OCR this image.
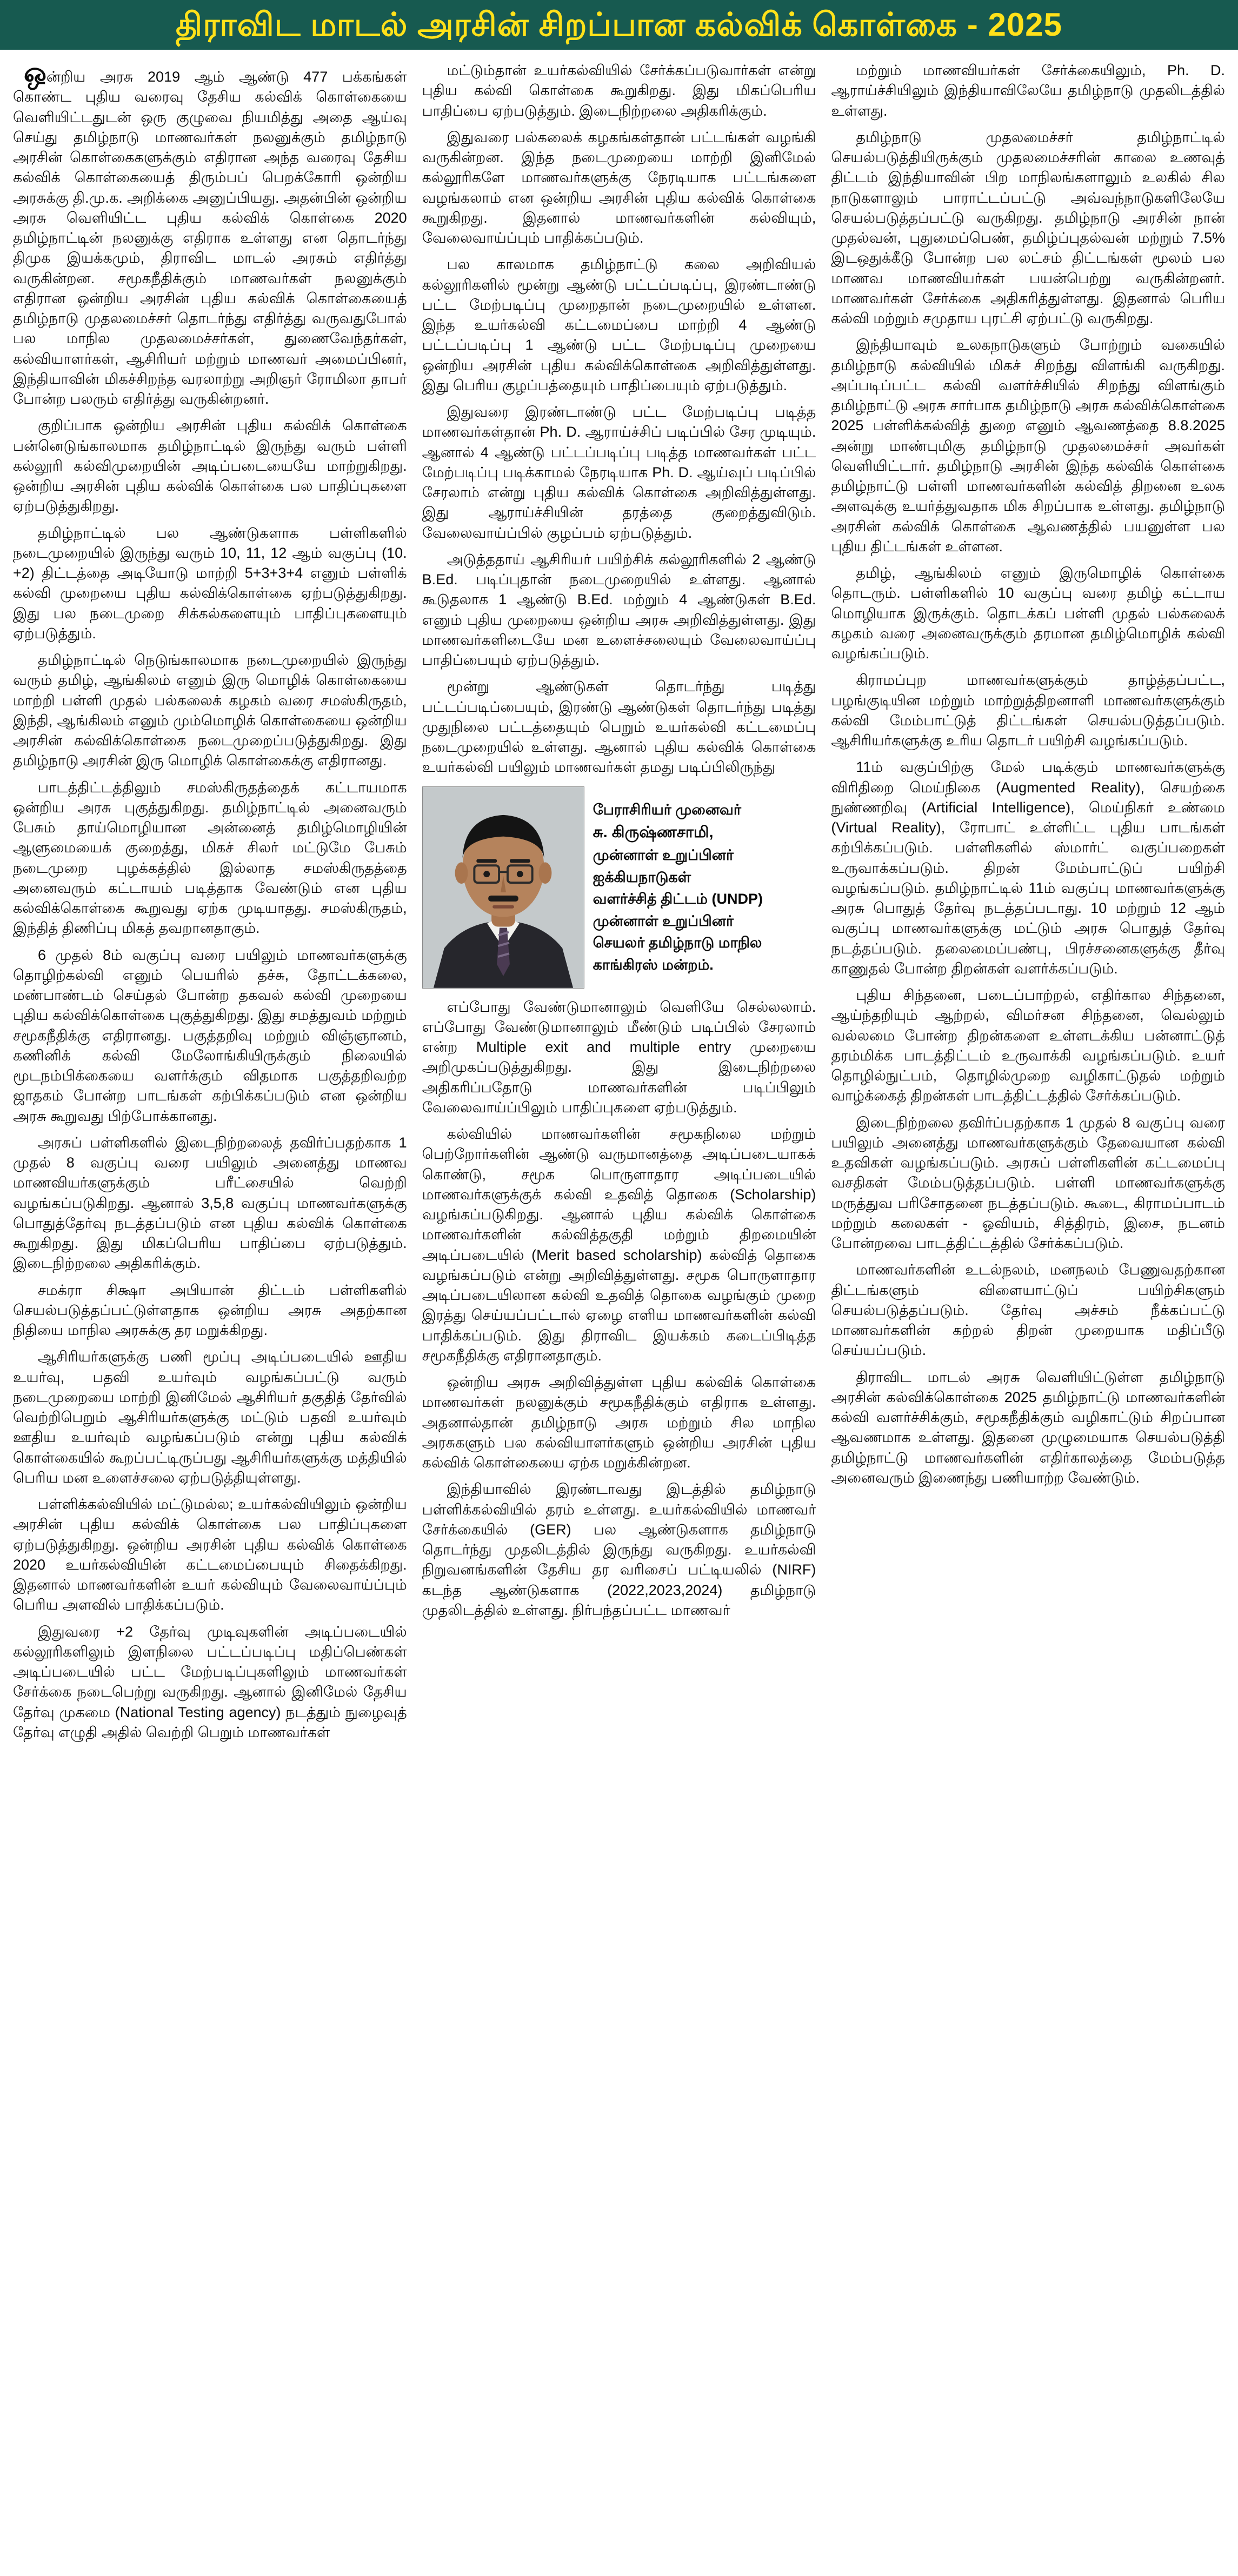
திராவிட மாடல் அரசின் சிறப்பான கல்விக் கொள்கை - 2025

ஒன்றிய அரசு 2019 ஆம் ஆண்டு 477 பக்கங்கள் கொண்ட புதிய வரைவு தேசிய கல்விக் கொள்கையை வெளியிட்டதுடன் ஒரு குழுவை நியமித்து அதை ஆய்வு செய்து தமிழ்நாடு மாணவர்கள் நலனுக்கும் தமிழ்நாடு அரசின் கொள்கைகளுக்கும் எதிரான அந்த வரைவு தேசிய கல்விக் கொள்கையைத் திரும்பப் பெறக்கோரி ஒன்றிய அரசுக்கு தி.மு.க. அறிக்கை அனுப்பியது. அதன்பின் ஒன்றிய அரசு வெளியிட்ட புதிய கல்விக் கொள்கை 2020 தமிழ்நாட்டின் நலனுக்கு எதிராக உள்ளது என தொடர்ந்து திமுக இயக்கமும், திராவிட மாடல் அரசும் எதிர்த்து வருகின்றன. சமூகநீதிக்கும் மாணவர்கள் நலனுக்கும் எதிரான ஒன்றிய அரசின் புதிய கல்விக் கொள்கையைத் தமிழ்நாடு முதலமைச்சர் தொடர்ந்து எதிர்த்து வருவதுபோல் பல மாநில முதலமைச்சர்கள், துணைவேந்தர்கள், கல்வியாளர்கள், ஆசிரியர் மற்றும் மாணவர் அமைப்பினர், இந்தியாவின் மிகச்சிறந்த வரலாற்று அறிஞர் ரோமிலா தாபர் போன்ற பலரும் எதிர்த்து வருகின்றனர்.

குறிப்பாக ஒன்றிய அரசின் புதிய கல்விக் கொள்கை பன்னெடுங்காலமாக தமிழ்நாட்டில் இருந்து வரும் பள்ளி கல்லூரி கல்விமுறையின் அடிப்படையையே மாற்றுகிறது. ஒன்றிய அரசின் புதிய கல்விக் கொள்கை பல பாதிப்புகளை ஏற்படுத்துகிறது.

தமிழ்நாட்டில் பல ஆண்டுகளாக பள்ளிகளில் நடைமுறையில் இருந்து வரும் 10, 11, 12 ஆம் வகுப்பு (10. +2) திட்டத்தை அடியோடு மாற்றி 5+3+3+4 எனும் பள்ளிக் கல்வி முறையை புதிய கல்விக்கொள்கை ஏற்படுத்துகிறது. இது பல நடைமுறை சிக்கல்களையும் பாதிப்புகளையும் ஏற்படுத்தும்.

தமிழ்நாட்டில் நெடுங்காலமாக நடைமுறையில் இருந்து வரும் தமிழ், ஆங்கிலம் எனும் இரு மொழிக் கொள்கையை மாற்றி பள்ளி முதல் பல்கலைக் கழகம் வரை சமஸ்கிருதம், இந்தி, ஆங்கிலம் எனும் மும்மொழிக் கொள்கையை ஒன்றிய அரசின் கல்விக்கொள்கை நடைமுறைப்படுத்துகிறது. இது தமிழ்நாடு அரசின் இரு மொழிக் கொள்கைக்கு எதிரானது.

பாடத்திட்டத்திலும் சமஸ்கிருதத்தைக் கட்டாயமாக ஒன்றிய அரசு புகுத்துகிறது. தமிழ்நாட்டில் அனைவரும் பேசும் தாய்மொழியான அன்னைத் தமிழ்மொழியின் ஆளுமையைக் குறைத்து, மிகச் சிலர் மட்டுமே பேசும் நடைமுறை புழக்கத்தில் இல்லாத சமஸ்கிருதத்தை அனைவரும் கட்டாயம் படித்தாக வேண்டும் என புதிய கல்விக்கொள்கை கூறுவது ஏற்க முடியாதது. சமஸ்கிருதம், இந்தித் திணிப்பு மிகத் தவறானதாகும்.

6 முதல் 8ம் வகுப்பு வரை பயிலும் மாணவர்களுக்கு தொழிற்கல்வி எனும் பெயரில் தச்சு, தோட்டக்கலை, மண்பாண்டம் செய்தல் போன்ற தகவல் கல்வி முறையை புதிய கல்விக்கொள்கை புகுத்துகிறது. இது சமத்துவம் மற்றும் சமூகநீதிக்கு எதிரானது. பகுத்தறிவு மற்றும் விஞ்ஞானம், கணினிக் கல்வி மேலோங்கியிருக்கும் நிலையில் மூடநம்பிக்கையை வளர்க்கும் விதமாக பகுத்தறிவற்ற ஜாதகம் போன்ற பாடங்கள் கற்பிக்கப்படும் என ஒன்றிய அரசு கூறுவது பிற்போக்கானது.

அரசுப் பள்ளிகளில் இடைநிற்றலைத் தவிர்ப்பதற்காக 1 முதல் 8 வகுப்பு வரை பயிலும் அனைத்து மாணவ மாணவியர்களுக்கும் பரீட்சையில் வெற்றி வழங்கப்படுகிறது. ஆனால் 3,5,8 வகுப்பு மாணவர்களுக்கு பொதுத்தேர்வு நடத்தப்படும் என புதிய கல்விக் கொள்கை கூறுகிறது. இது மிகப்பெரிய பாதிப்பை ஏற்படுத்தும். இடைநிற்றலை அதிகரிக்கும்.

சமக்ரா சிக்ஷா அபியான் திட்டம் பள்ளிகளில் செயல்படுத்தப்பட்டுள்ளதாக ஒன்றிய அரசு அதற்கான நிதியை மாநில அரசுக்கு தர மறுக்கிறது.

ஆசிரியர்களுக்கு பணி மூப்பு அடிப்படையில் ஊதிய உயர்வு, பதவி உயர்வும் வழங்கப்பட்டு வரும் நடைமுறையை மாற்றி இனிமேல் ஆசிரியர் தகுதித் தேர்வில் வெற்றிபெறும் ஆசிரியர்களுக்கு மட்டும் பதவி உயர்வும் ஊதிய உயர்வும் வழங்கப்படும் என்று புதிய கல்விக் கொள்கையில் கூறப்பட்டிருப்பது ஆசிரியர்களுக்கு மத்தியில் பெரிய மன உளைச்சலை ஏற்படுத்தியுள்ளது.

பள்ளிக்கல்வியில் மட்டுமல்ல; உயர்கல்வியிலும் ஒன்றிய அரசின் புதிய கல்விக் கொள்கை பல பாதிப்புகளை ஏற்படுத்துகிறது. ஒன்றிய அரசின் புதிய கல்விக் கொள்கை 2020 உயர்கல்வியின் கட்டமைப்பையும் சிதைக்கிறது. இதனால் மாணவர்களின் உயர் கல்வியும் வேலைவாய்ப்பும் பெரிய அளவில் பாதிக்கப்படும்.

இதுவரை +2 தேர்வு முடிவுகளின் அடிப்படையில் கல்லூரிகளிலும் இளநிலை பட்டப்படிப்பு மதிப்பெண்கள் அடிப்படையில் பட்ட மேற்படிப்புகளிலும் மாணவர்கள் சேர்க்கை நடைபெற்று வருகிறது. ஆனால் இனிமேல் தேசிய தேர்வு முகமை (National Testing agency) நடத்தும் நுழைவுத் தேர்வு எழுதி அதில் வெற்றி பெறும் மாணவர்கள்

மட்டும்தான் உயர்கல்வியில் சேர்க்கப்படுவார்கள் என்று புதிய கல்வி கொள்கை கூறுகிறது. இது மிகப்பெரிய பாதிப்பை ஏற்படுத்தும். இடைநிற்றலை அதிகரிக்கும்.

இதுவரை பல்கலைக் கழகங்கள்தான் பட்டங்கள் வழங்கி வருகின்றன. இந்த நடைமுறையை மாற்றி இனிமேல் கல்லூரிகளே மாணவர்களுக்கு நேரடியாக பட்டங்களை வழங்கலாம் என ஒன்றிய அரசின் புதிய கல்விக் கொள்கை கூறுகிறது. இதனால் மாணவர்களின் கல்வியும், வேலைவாய்ப்பும் பாதிக்கப்படும்.

பல காலமாக தமிழ்நாட்டு கலை அறிவியல் கல்லூரிகளில் மூன்று ஆண்டு பட்டப்படிப்பு, இரண்டாண்டு பட்ட மேற்படிப்பு முறைதான் நடைமுறையில் உள்ளன. இந்த உயர்கல்வி கட்டமைப்பை மாற்றி 4 ஆண்டு பட்டப்படிப்பு 1 ஆண்டு பட்ட மேற்படிப்பு முறையை ஒன்றிய அரசின் புதிய கல்விக்கொள்கை அறிவித்துள்ளது. இது பெரிய குழப்பத்தையும் பாதிப்பையும் ஏற்படுத்தும்.

இதுவரை இரண்டாண்டு பட்ட மேற்படிப்பு படித்த மாணவர்கள்தான் Ph. D. ஆராய்ச்சிப் படிப்பில் சேர முடியும். ஆனால் 4 ஆண்டு பட்டப்படிப்பு படித்த மாணவர்கள் பட்ட மேற்படிப்பு படிக்காமல் நேரடியாக Ph. D. ஆய்வுப் படிப்பில் சேரலாம் என்று புதிய கல்விக் கொள்கை அறிவித்துள்ளது. இது ஆராய்ச்சியின் தரத்தை குறைத்துவிடும். வேலைவாய்ப்பில் குழப்பம் ஏற்படுத்தும்.

அடுத்ததாய் ஆசிரியர் பயிற்சிக் கல்லூரிகளில் 2 ஆண்டு B.Ed. படிப்புதான் நடைமுறையில் உள்ளது. ஆனால் கூடுதலாக 1 ஆண்டு B.Ed. மற்றும் 4 ஆண்டுகள் B.Ed. எனும் புதிய முறையை ஒன்றிய அரசு அறிவித்துள்ளது. இது மாணவர்களிடையே மன உளைச்சலையும் வேலைவாய்ப்பு பாதிப்பையும் ஏற்படுத்தும்.

மூன்று ஆண்டுகள் தொடர்ந்து படித்து பட்டப்படிப்பையும், இரண்டு ஆண்டுகள் தொடர்ந்து படித்து முதுநிலை பட்டத்தையும் பெறும் உயர்கல்வி கட்டமைப்பு நடைமுறையில் உள்ளது. ஆனால் புதிய கல்விக் கொள்கை உயர்கல்வி பயிலும் மாணவர்கள் தமது படிப்பிலிருந்து

பேராசிரியர் முனைவர்
சு. கிருஷ்ணசாமி,
முன்னாள் உறுப்பினர்
ஐக்கியநாடுகள்
வளர்ச்சித் திட்டம் (UNDP)
முன்னாள் உறுப்பினர்
செயலர் தமிழ்நாடு மாநில
காங்கிரஸ் மன்றம்.

எப்போது வேண்டுமானாலும் வெளியே செல்லலாம். எப்போது வேண்டுமானாலும் மீண்டும் படிப்பில் சேரலாம் என்ற Multiple exit and multiple entry முறையை அறிமுகப்படுத்துகிறது. இது இடைநிற்றலை அதிகரிப்பதோடு மாணவர்களின் படிப்பிலும் வேலைவாய்ப்பிலும் பாதிப்புகளை ஏற்படுத்தும்.

கல்வியில் மாணவர்களின் சமூகநிலை மற்றும் பெற்றோர்களின் ஆண்டு வருமானத்தை அடிப்படையாகக் கொண்டு, சமூக பொருளாதார அடிப்படையில் மாணவர்களுக்குக் கல்வி உதவித் தொகை (Scholarship) வழங்கப்படுகிறது. ஆனால் புதிய கல்விக் கொள்கை மாணவர்களின் கல்வித்தகுதி மற்றும் திறமையின் அடிப்படையில் (Merit based scholarship) கல்வித் தொகை வழங்கப்படும் என்று அறிவித்துள்ளது. சமூக பொருளாதார அடிப்படையிலான கல்வி உதவித் தொகை வழங்கும் முறை இரத்து செய்யப்பட்டால் ஏழை எளிய மாணவர்களின் கல்வி பாதிக்கப்படும். இது திராவிட இயக்கம் கடைப்பிடித்த சமூகநீதிக்கு எதிரானதாகும்.

ஒன்றிய அரசு அறிவித்துள்ள புதிய கல்விக் கொள்கை மாணவர்கள் நலனுக்கும் சமூகநீதிக்கும் எதிராக உள்ளது. அதனால்தான் தமிழ்நாடு அரசு மற்றும் சில மாநில அரசுகளும் பல கல்வியாளர்களும் ஒன்றிய அரசின் புதிய கல்விக் கொள்கையை ஏற்க மறுக்கின்றன.

இந்தியாவில் இரண்டாவது இடத்தில் தமிழ்நாடு பள்ளிக்கல்வியில் தரம் உள்ளது. உயர்கல்வியில் மாணவர் சேர்க்கையில் (GER) பல ஆண்டுகளாக தமிழ்நாடு தொடர்ந்து முதலிடத்தில் இருந்து வருகிறது. உயர்கல்வி நிறுவனங்களின் தேசிய தர வரிசைப் பட்டியலில் (NIRF) கடந்த ஆண்டுகளாக (2022,2023,2024) தமிழ்நாடு முதலிடத்தில் உள்ளது. நிர்பந்தப்பட்ட மாணவர்

மற்றும் மாணவியர்கள் சேர்க்கையிலும், Ph. D. ஆராய்ச்சியிலும் இந்தியாவிலேயே தமிழ்நாடு முதலிடத்தில் உள்ளது.

தமிழ்நாடு முதலமைச்சர் தமிழ்நாட்டில் செயல்படுத்தியிருக்கும் முதலமைச்சரின் காலை உணவுத் திட்டம் இந்தியாவின் பிற மாநிலங்களாலும் உலகில் சில நாடுகளாலும் பாராட்டப்பட்டு அவ்வந்நாடுகளிலேயே செயல்படுத்தப்பட்டு வருகிறது. தமிழ்நாடு அரசின் நான் முதல்வன், புதுமைப்பெண், தமிழ்ப்புதல்வன் மற்றும் 7.5% இடஒதுக்கீடு போன்ற பல லட்சம் திட்டங்கள் மூலம் பல மாணவ மாணவியர்கள் பயன்பெற்று வருகின்றனர். மாணவர்கள் சேர்க்கை அதிகரித்துள்ளது. இதனால் பெரிய கல்வி மற்றும் சமுதாய புரட்சி ஏற்பட்டு வருகிறது.

இந்தியாவும் உலகநாடுகளும் போற்றும் வகையில் தமிழ்நாடு கல்வியில் மிகச் சிறந்து விளங்கி வருகிறது. அப்படிப்பட்ட கல்வி வளர்ச்சியில் சிறந்து விளங்கும் தமிழ்நாட்டு அரசு சார்பாக தமிழ்நாடு அரசு கல்விக்கொள்கை 2025 பள்ளிக்கல்வித் துறை எனும் ஆவணத்தை 8.8.2025 அன்று மாண்புமிகு தமிழ்நாடு முதலமைச்சர் அவர்கள் வெளியிட்டார். தமிழ்நாடு அரசின் இந்த கல்விக் கொள்கை தமிழ்நாட்டு பள்ளி மாணவர்களின் கல்வித் திறனை உலக அளவுக்கு உயர்த்துவதாக மிக சிறப்பாக உள்ளது. தமிழ்நாடு அரசின் கல்விக் கொள்கை ஆவணத்தில் பயனுள்ள பல புதிய திட்டங்கள் உள்ளன.

தமிழ், ஆங்கிலம் எனும் இருமொழிக் கொள்கை தொடரும். பள்ளிகளில் 10 வகுப்பு வரை தமிழ் கட்டாய மொழியாக இருக்கும். தொடக்கப் பள்ளி முதல் பல்கலைக் கழகம் வரை அனைவருக்கும் தரமான தமிழ்மொழிக் கல்வி வழங்கப்படும்.

கிராமப்புற மாணவர்களுக்கும் தாழ்த்தப்பட்ட, பழங்குடியின மற்றும் மாற்றுத்திறனாளி மாணவர்களுக்கும் கல்வி மேம்பாட்டுத் திட்டங்கள் செயல்படுத்தப்படும். ஆசிரியர்களுக்கு உரிய தொடர் பயிற்சி வழங்கப்படும்.

11ம் வகுப்பிற்கு மேல் படிக்கும் மாணவர்களுக்கு விரிதிறை மெய்நிகை (Augmented Reality), செயற்கை நுண்ணறிவு (Artificial Intelligence), மெய்நிகர் உண்மை (Virtual Reality), ரோபாட் உள்ளிட்ட புதிய பாடங்கள் கற்பிக்கப்படும். பள்ளிகளில் ஸ்மார்ட் வகுப்பறைகள் உருவாக்கப்படும். திறன் மேம்பாட்டுப் பயிற்சி வழங்கப்படும். தமிழ்நாட்டில் 11ம் வகுப்பு மாணவர்களுக்கு அரசு பொதுத் தேர்வு நடத்தப்படாது. 10 மற்றும் 12 ஆம் வகுப்பு மாணவர்களுக்கு மட்டும் அரசு பொதுத் தேர்வு நடத்தப்படும். தலைமைப்பண்பு, பிரச்சனைகளுக்கு தீர்வு காணுதல் போன்ற திறன்கள் வளர்க்கப்படும்.

புதிய சிந்தனை, படைப்பாற்றல், எதிர்கால சிந்தனை, ஆய்ந்தறியும் ஆற்றல், விமர்சன சிந்தனை, வெல்லும் வல்லமை போன்ற திறன்களை உள்ளடக்கிய பன்னாட்டுத் தரம்மிக்க பாடத்திட்டம் உருவாக்கி வழங்கப்படும். உயர் தொழில்நுட்பம், தொழில்முறை வழிகாட்டுதல் மற்றும் வாழ்க்கைத் திறன்கள் பாடத்திட்டத்தில் சேர்க்கப்படும்.

இடைநிற்றலை தவிர்ப்பதற்காக 1 முதல் 8 வகுப்பு வரை பயிலும் அனைத்து மாணவர்களுக்கும் தேவையான கல்வி உதவிகள் வழங்கப்படும். அரசுப் பள்ளிகளின் கட்டமைப்பு வசதிகள் மேம்படுத்தப்படும். பள்ளி மாணவர்களுக்கு மருத்துவ பரிசோதனை நடத்தப்படும். கூடை, கிராமப்பாடம் மற்றும் கலைகள் - ஓவியம், சித்திரம், இசை, நடனம் போன்றவை பாடத்திட்டத்தில் சேர்க்கப்படும்.

மாணவர்களின் உடல்நலம், மனநலம் பேணுவதற்கான திட்டங்களும் விளையாட்டுப் பயிற்சிகளும் செயல்படுத்தப்படும். தேர்வு அச்சம் நீக்கப்பட்டு மாணவர்களின் கற்றல் திறன் முறையாக மதிப்பீடு செய்யப்படும்.

திராவிட மாடல் அரசு வெளியிட்டுள்ள தமிழ்நாடு அரசின் கல்விக்கொள்கை 2025 தமிழ்நாட்டு மாணவர்களின் கல்வி வளர்ச்சிக்கும், சமூகநீதிக்கும் வழிகாட்டும் சிறப்பான ஆவணமாக உள்ளது. இதனை முழுமையாக செயல்படுத்தி தமிழ்நாட்டு மாணவர்களின் எதிர்காலத்தை மேம்படுத்த அனைவரும் இணைந்து பணியாற்ற வேண்டும்.
